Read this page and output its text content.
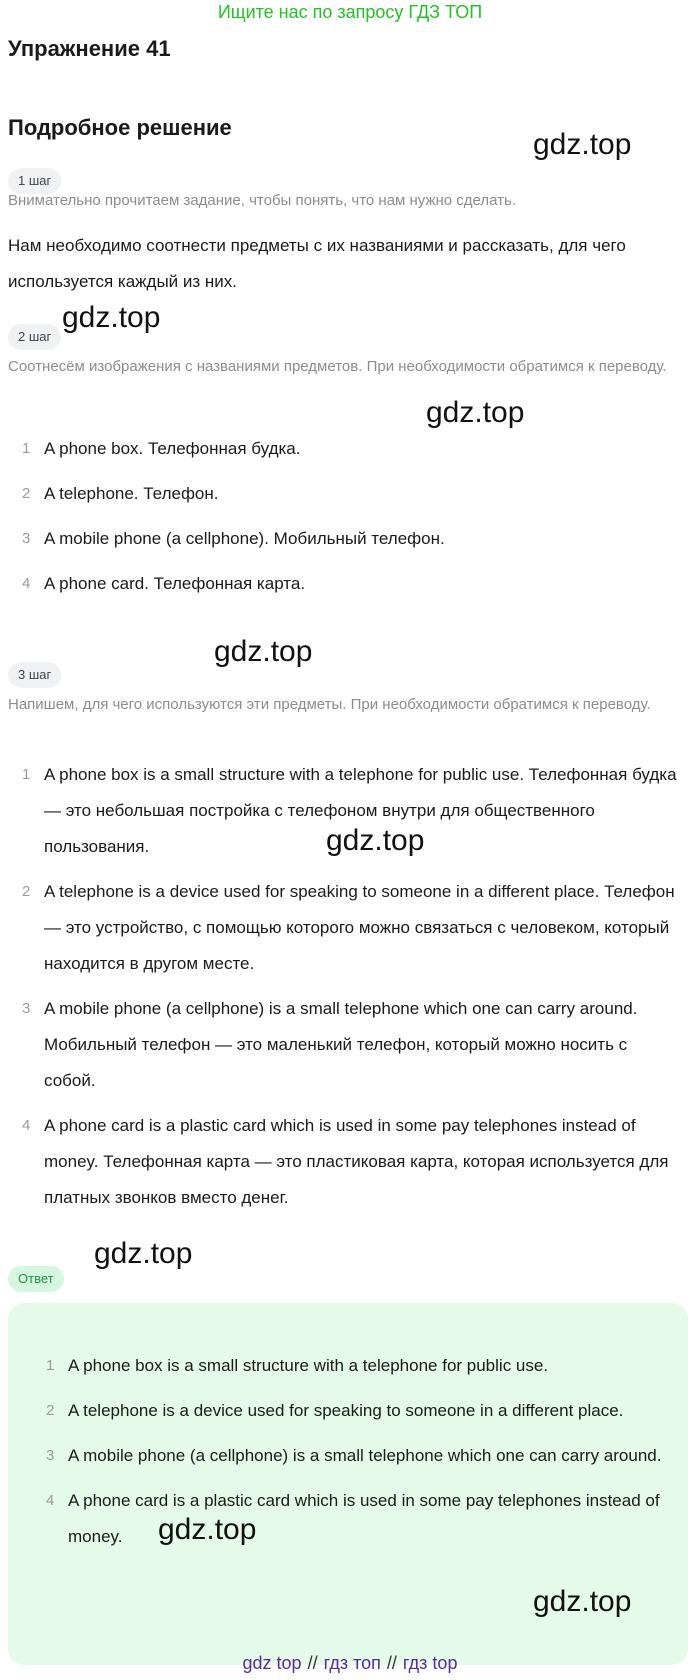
Ищите нас по запросу ГДЗ ТОП
Упражнение 41
Подробное решение
1 шаг

Внимательно прочитаем задание, чтобы понять, что нам нужно сделать.

Нам необходимо соотнести предметы с их названиями и рассказать, для чего используется каждый из них.

2 шаг

Соотнесём изображения с названиями предметов. При необходимости обратимся к переводу.

1 A phone box. Телефонная будка.
2 A telephone. Телефон.
3 A mobile phone (a cellphone). Мобильный телефон.
4 A phone card. Телефонная карта.
3 шаг

Напишем, для чего используются эти предметы. При необходимости обратимся к переводу.

1 A phone box is a small structure with a telephone for public use. Телефонная будка — это небольшая постройка с телефоном внутри для общественного пользования.
2 A telephone is a device used for speaking to someone in a different place. Телефон — это устройство, с помощью которого можно связаться с человеком, который находится в другом месте.
3 A mobile phone (a cellphone) is a small telephone which one can carry around. Мобильный телефон — это маленький телефон, который можно носить с собой.
4 A phone card is a plastic card which is used in some pay telephones instead of money. Телефонная карта — это пластиковая карта, которая используется для платных звонков вместо денег.
Ответ
1 A phone box is a small structure with a telephone for public use.
2 A telephone is a device used for speaking to someone in a different place.
3 A mobile phone (a cellphone) is a small telephone which one can carry around.
4 A phone card is a plastic card which is used in some pay telephones instead of money.
gdz.top
gdz.top
gdz.top
gdz.top
gdz.top
gdz.top
gdz.top
gdz.top
gdz top // гдз топ // гдз top
